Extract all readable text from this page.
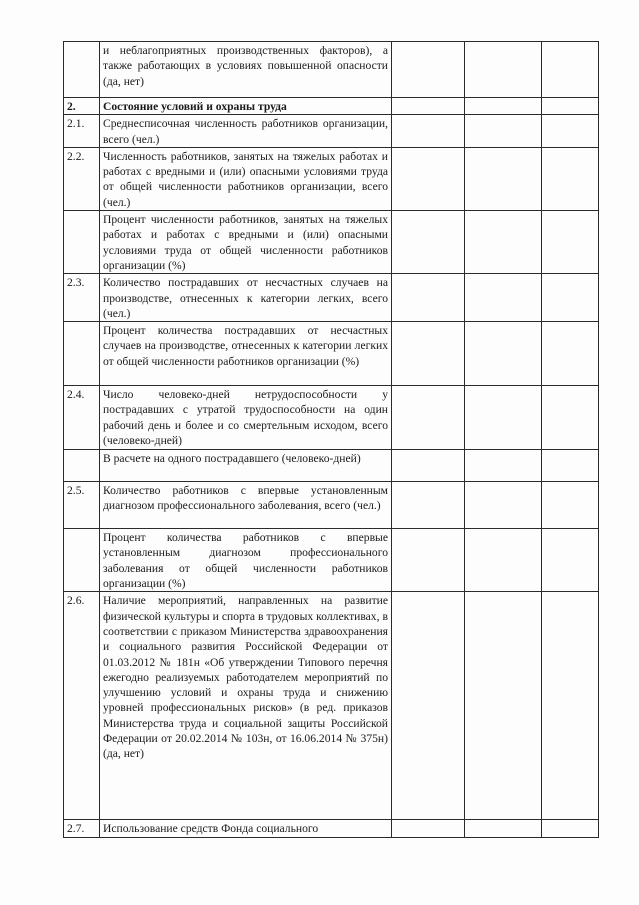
	и неблагоприятных производственных факторов), а также работающих в условиях повышенной опасности (да, нет)			
2.	Состояние условий и охраны труда			
2.1.	Среднесписочная численность работников организации, всего (чел.)			
2.2.	Численность работников, занятых на тяжелых работах и работах с вредными и (или) опасными условиями труда от общей численности работников организации, всего (чел.)			
	Процент численности работников, занятых на тяжелых работах и работах с вредными и (или) опасными условиями труда от общей численности работников организации (%)			
2.3.	Количество пострадавших от несчастных случаев на производстве, отнесенных к категории легких, всего (чел.)			
	Процент количества пострадавших от несчастных случаев на производстве, отнесенных к категории легких от общей численности работников организации (%)			
2.4.	Число человеко-дней нетрудоспособности у пострадавших с утратой трудоспособности на один рабочий день и более и со смертельным исходом, всего (человеко-дней)			
	В расчете на одного пострадавшего (человеко-дней)			
2.5.	Количество работников с впервые установленным диагнозом профессионального заболевания, всего (чел.)			
	Процент количества работников с впервые установленным диагнозом профессионального заболевания от общей численности работников организации (%)			
2.6.	Наличие мероприятий, направленных на развитие физической культуры и спорта в трудовых коллективах, в соответствии с приказом Министерства здравоохранения и социального развития Российской Федерации от 01.03.2012 № 181н «Об утверждении Типового перечня ежегодно реализуемых работодателем мероприятий по улучшению условий и охраны труда и снижению уровней профессиональных рисков» (в ред. приказов Министерства труда и социальной защиты Российской Федерации от 20.02.2014 № 103н, от 16.06.2014 № 375н) (да, нет)			
2.7.	Использование средств Фонда социального			
